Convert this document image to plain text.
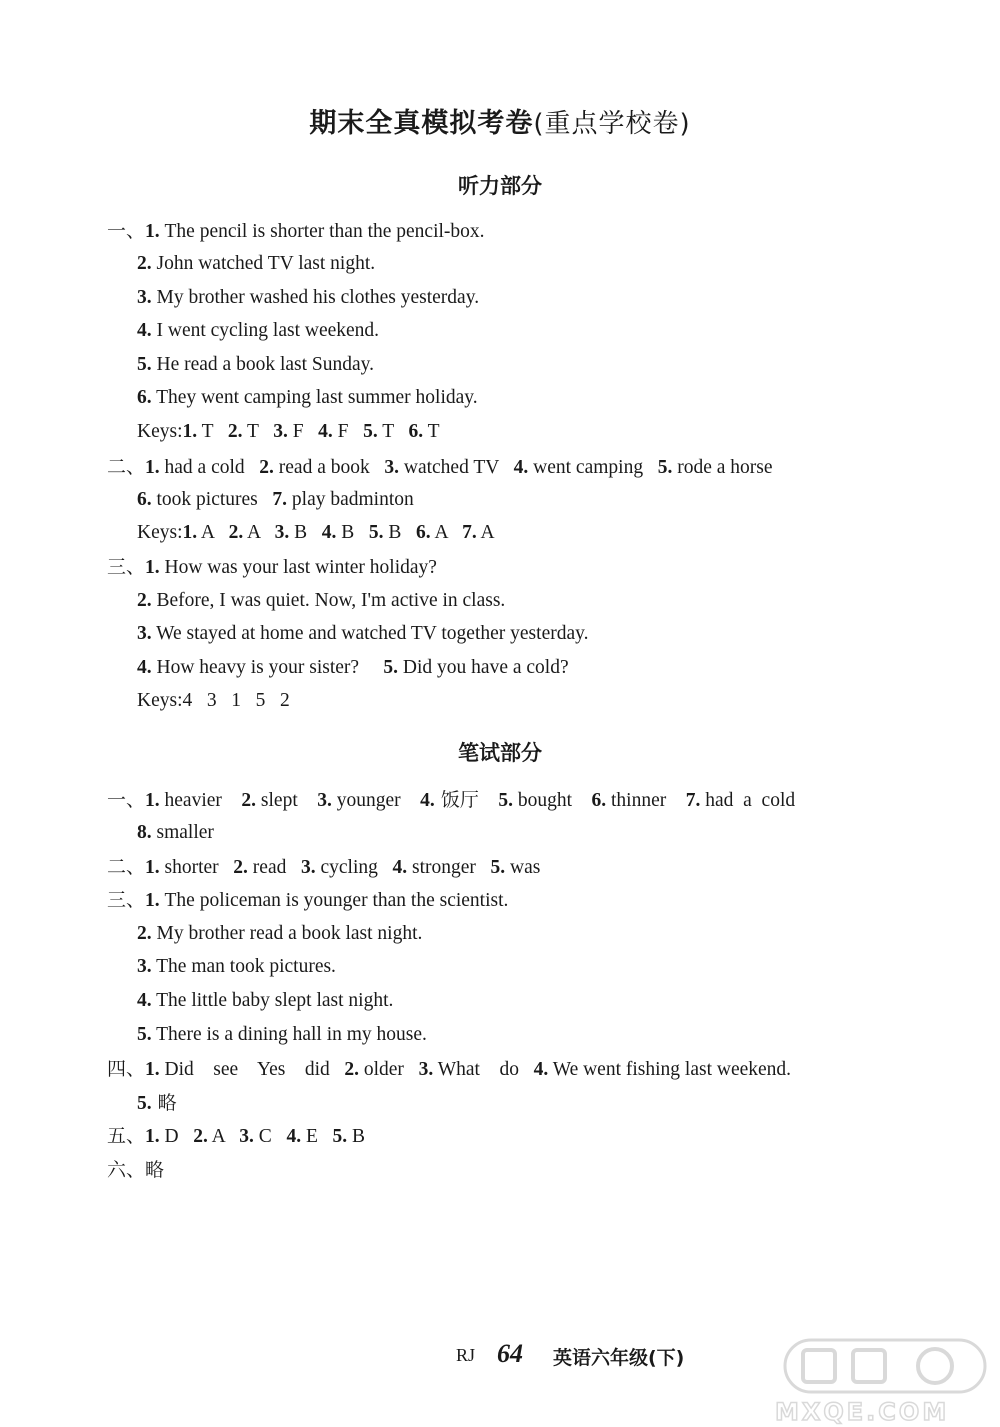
期末全真模拟考卷(重点学校卷)
听力部分
一、1. The pencil is shorter than the pencil-box.
2. John watched TV last night.
3. My brother washed his clothes yesterday.
4. I went cycling last weekend.
5. He read a book last Sunday.
6. They went camping last summer holiday.
Keys:1. T 2. T 3. F 4. F 5. T 6. T
二、1. had a cold 2. read a book 3. watched TV 4. went camping 5. rode a horse
6. took pictures 7. play badminton
Keys:1. A 2. A 3. B 4. B 5. B 6. A 7. A
三、1. How was your last winter holiday?
2. Before, I was quiet. Now, I'm active in class.
3. We stayed at home and watched TV together yesterday.
4. How heavy is your sister? 5. Did you have a cold?
Keys:4   3   1   5   2
笔试部分
一、1. heavier 2. slept 3. younger 4. 饭厅 5. bought 6. thinner 7. had  a  cold
8. smaller
二、1. shorter 2. read 3. cycling 4. stronger 5. was
三、1. The policeman is younger than the scientist.
2. My brother read a book last night.
3. The man took pictures.
4. The little baby slept last night.
5. There is a dining hall in my house.
四、1. Did    see    Yes    did 2. older 3. What    do 4. We went fishing last weekend.
5. 略
五、1. D 2. A 3. C 4. E 5. B
六、略
RJ 64 英语六年级(下)
MXQE.COM
